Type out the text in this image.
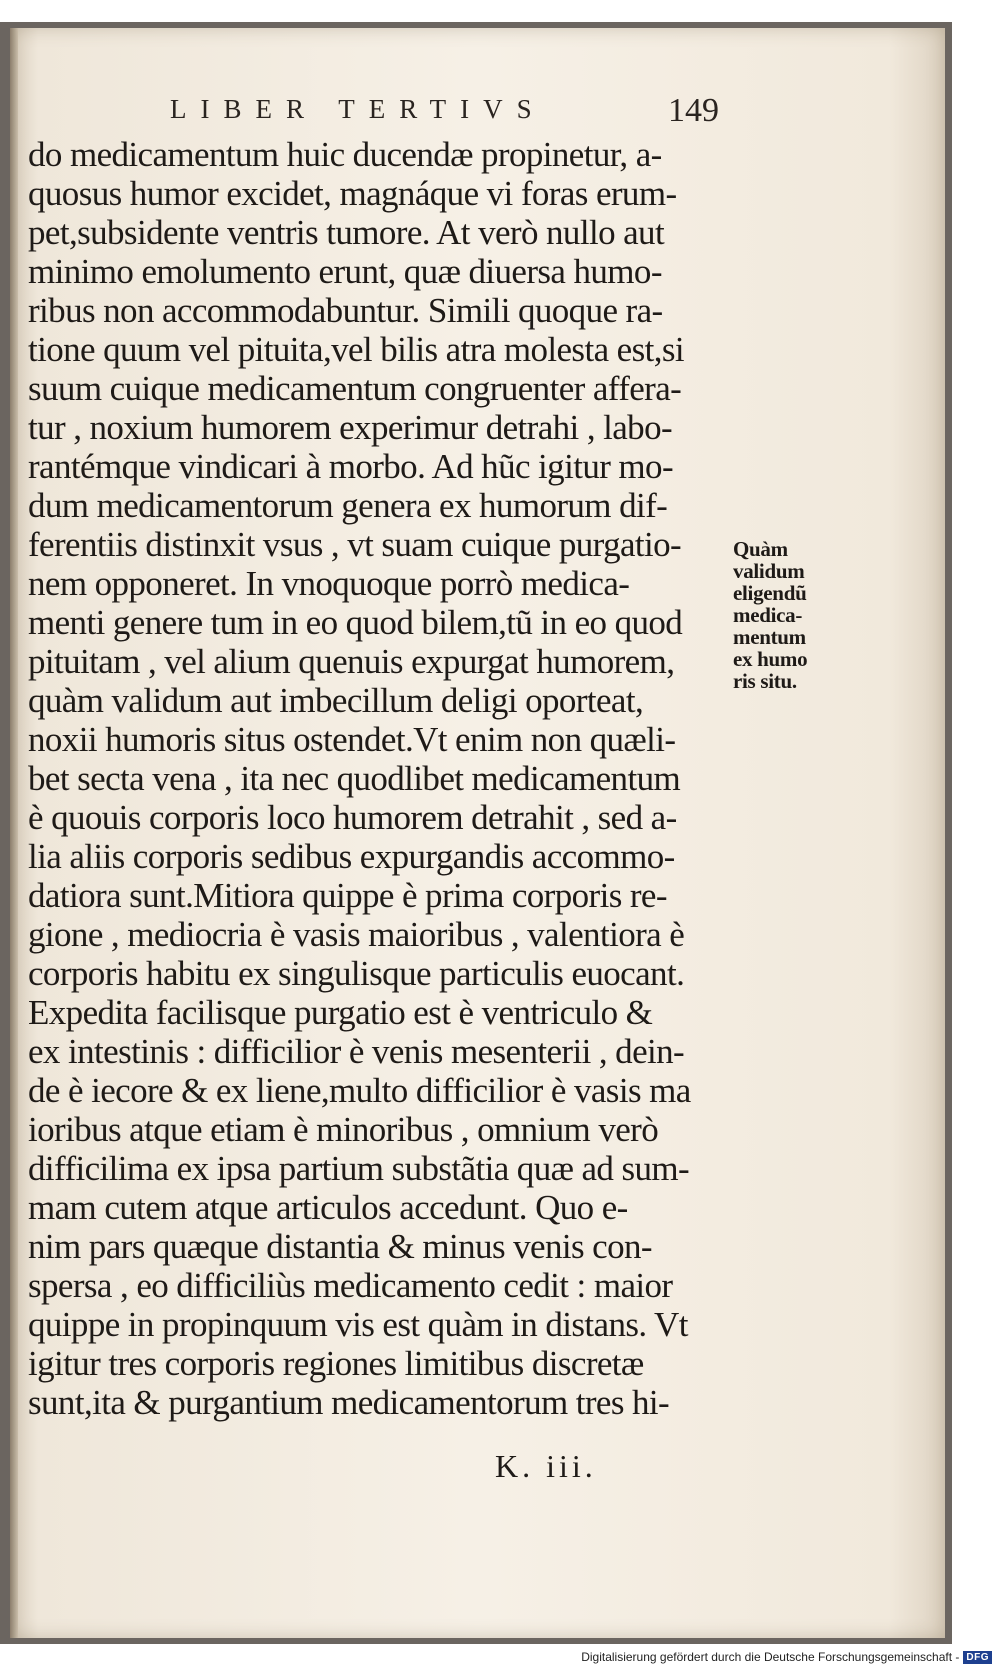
LIBER TERTIVS	149
do medicamentum huic ducendæ propinetur, a-
quosus humor excidet, magnáque vi foras erum-
pet,subsidente ventris tumore. At verò nullo aut
minimo emolumento erunt, quæ diuersa humo-
ribus non accommodabuntur. Simili quoque ra-
tione quum vel pituita,vel bilis atra molesta est,si
suum cuique medicamentum congruenter affera-
tur , noxium humorem experimur detrahi , labo-
rantémque vindicari à morbo. Ad hũc igitur mo-
dum medicamentorum genera ex humorum dif-
ferentiis distinxit vsus , vt suam cuique purgatio-
nem opponeret. In vnoquoque porrò medica-
menti genere tum in eo quod bilem,tũ in eo quod
pituitam , vel alium quenuis expurgat humorem,
quàm validum aut imbecillum deligi oporteat,
noxii humoris situs ostendet.Vt enim non quæli-
bet secta vena , ita nec quodlibet medicamentum
è quouis corporis loco humorem detrahit , sed a-
lia aliis corporis sedibus expurgandis accommo-
datiora sunt.Mitiora quippe è prima corporis re-
gione , mediocria è vasis maioribus , valentiora è
corporis habitu ex singulisque particulis euocant.
Expedita facilisque purgatio est è ventriculo &
ex intestinis : difficilior è venis mesenterii , dein-
de è iecore & ex liene,multo difficilior è vasis ma
ioribus atque etiam è minoribus , omnium verò
difficilima ex ipsa partium substãtia quæ ad sum-
mam cutem atque articulos accedunt. Quo e-
nim pars quæque distantia & minus venis con-
spersa , eo difficiliùs medicamento cedit : maior
quippe in propinquum vis est quàm in distans. Vt
igitur tres corporis regiones limitibus discretæ
sunt,ita & purgantium medicamentorum tres hi-
Quàm
validum
eligendũ
medica-
mentum
ex humo
ris situ.
K. iii.
Digitalisierung gefördert durch die Deutsche Forschungsgemeinschaft - DFG
